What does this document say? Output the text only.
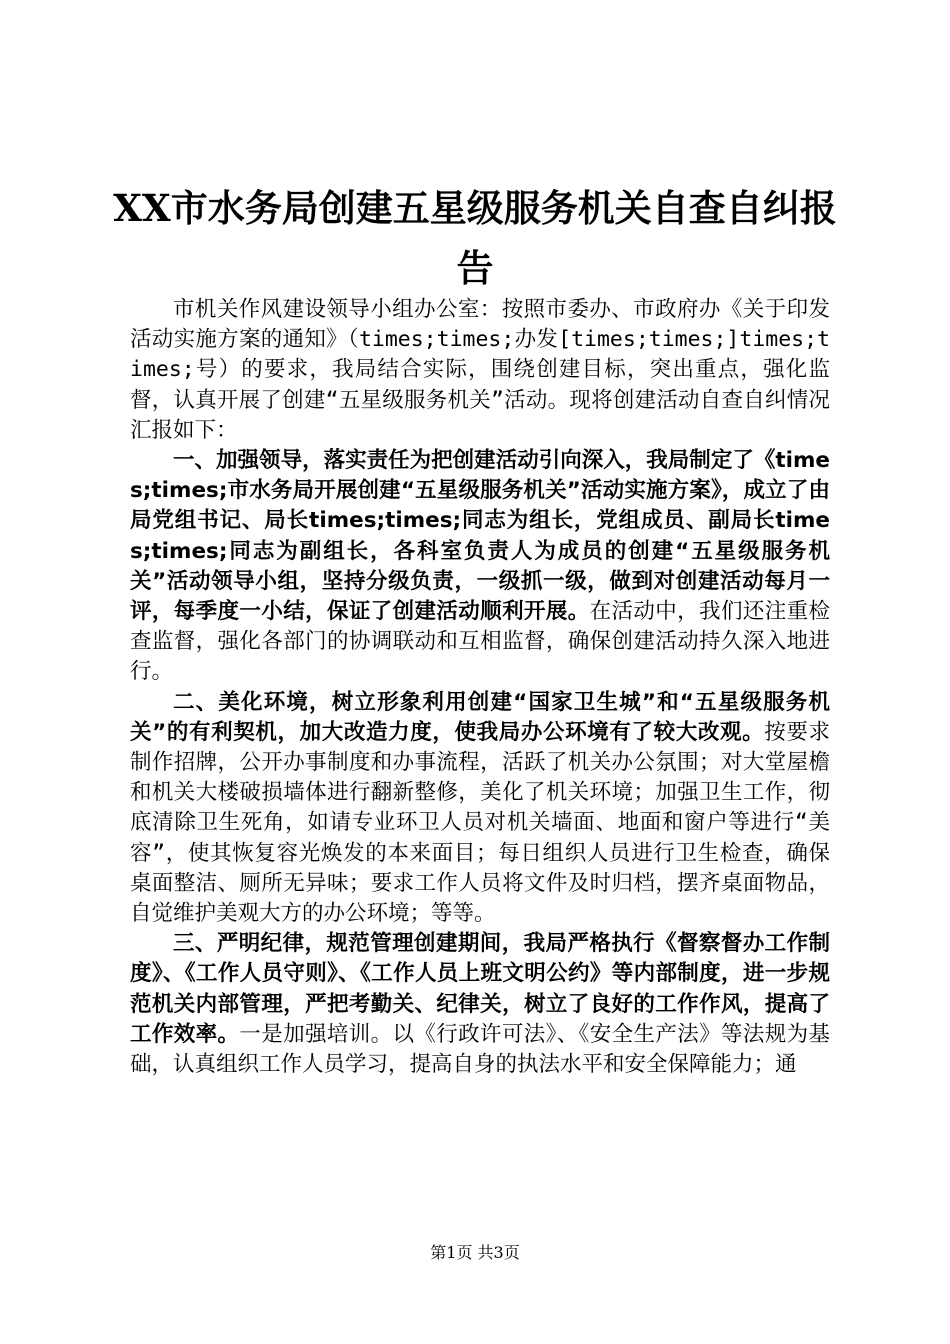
XX市水务局创建五星级服务机关自查自纠报
告

市机关作风建设领导小组办公室：按照市委办、市政府办《关于印发活动实施方案的通知》（times;times;办发[times;times;]times;times;号）的要求，我局结合实际，围绕创建目标，突出重点，强化监督，认真开展了创建“五星级服务机关”活动。现将创建活动自查自纠情况汇报如下：

一、加强领导，落实责任为把创建活动引向深入，我局制定了《times;times;市水务局开展创建“五星级服务机关”活动实施方案》，成立了由局党组书记、局长times;times;同志为组长，党组成员、副局长times;times;同志为副组长，各科室负责人为成员的创建“五星级服务机关”活动领导小组，坚持分级负责，一级抓一级，做到对创建活动每月一评，每季度一小结，保证了创建活动顺利开展。在活动中，我们还注重检查监督，强化各部门的协调联动和互相监督，确保创建活动持久深入地进行。

二、美化环境，树立形象利用创建“国家卫生城”和“五星级服务机关”的有利契机，加大改造力度，使我局办公环境有了较大改观。按要求制作招牌，公开办事制度和办事流程，活跃了机关办公氛围；对大堂屋檐和机关大楼破损墙体进行翻新整修，美化了机关环境；加强卫生工作，彻底清除卫生死角，如请专业环卫人员对机关墙面、地面和窗户等进行“美容”，使其恢复容光焕发的本来面目；每日组织人员进行卫生检查，确保桌面整洁、厕所无异味；要求工作人员将文件及时归档，摆齐桌面物品，自觉维护美观大方的办公环境；等等。

三、严明纪律，规范管理创建期间，我局严格执行《督察督办工作制度》、《工作人员守则》、《工作人员上班文明公约》等内部制度，进一步规范机关内部管理，严把考勤关、纪律关，树立了良好的工作作风，提高了工作效率。一是加强培训。以《行政许可法》、《安全生产法》等法规为基础，认真组织工作人员学习，提高自身的执法水平和安全保障能力；通

第1页 共3页
